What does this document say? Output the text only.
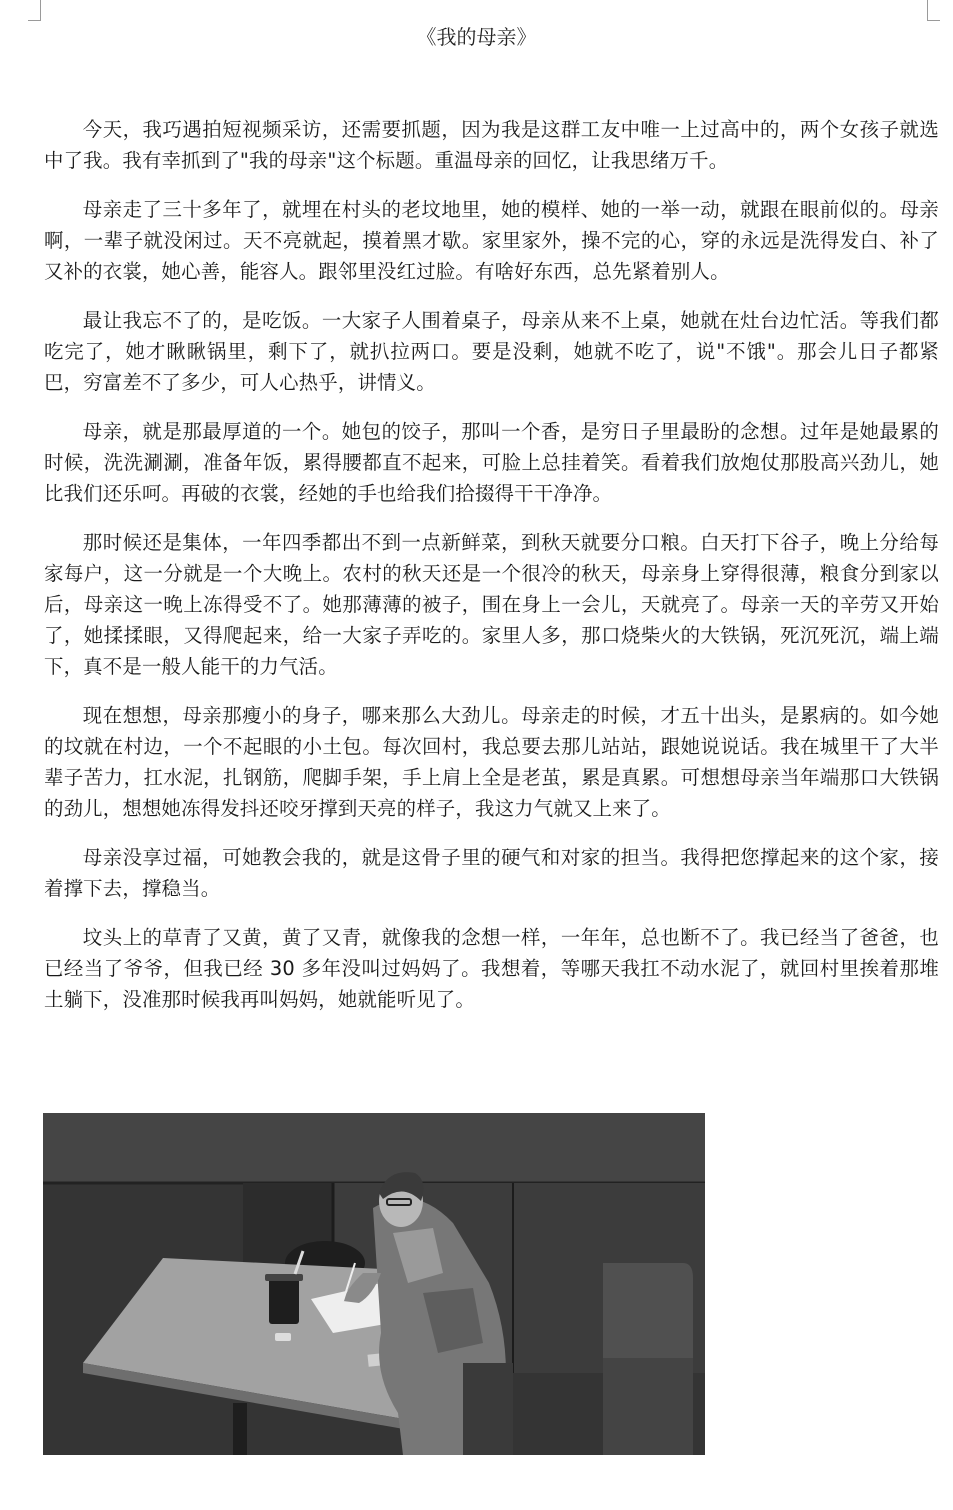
《我的母亲》

今天，我巧遇拍短视频采访，还需要抓题，因为我是这群工友中唯一上过高中的，两个女孩子就选中了我。我有幸抓到了"我的母亲"这个标题。重温母亲的回忆，让我思绪万千。

母亲走了三十多年了，就埋在村头的老坟地里，她的模样、她的一举一动，就跟在眼前似的。母亲啊，一辈子就没闲过。天不亮就起，摸着黑才歇。家里家外，操不完的心，穿的永远是洗得发白、补了又补的衣裳，她心善，能容人。跟邻里没红过脸。有啥好东西，总先紧着别人。

最让我忘不了的，是吃饭。一大家子人围着桌子，母亲从来不上桌，她就在灶台边忙活。等我们都吃完了，她才瞅瞅锅里，剩下了，就扒拉两口。要是没剩，她就不吃了，说"不饿"。那会儿日子都紧巴，穷富差不了多少，可人心热乎，讲情义。

母亲，就是那最厚道的一个。她包的饺子，那叫一个香，是穷日子里最盼的念想。过年是她最累的时候，洗洗涮涮，准备年饭，累得腰都直不起来，可脸上总挂着笑。看着我们放炮仗那股高兴劲儿，她比我们还乐呵。再破的衣裳，经她的手也给我们拾掇得干干净净。

那时候还是集体，一年四季都出不到一点新鲜菜，到秋天就要分口粮。白天打下谷子，晚上分给每家每户，这一分就是一个大晚上。农村的秋天还是一个很冷的秋天，母亲身上穿得很薄，粮食分到家以后，母亲这一晚上冻得受不了。她那薄薄的被子，围在身上一会儿，天就亮了。母亲一天的辛劳又开始了，她揉揉眼，又得爬起来，给一大家子弄吃的。家里人多，那口烧柴火的大铁锅，死沉死沉，端上端下，真不是一般人能干的力气活。

现在想想，母亲那瘦小的身子，哪来那么大劲儿。母亲走的时候，才五十出头，是累病的。如今她的坟就在村边，一个不起眼的小土包。每次回村，我总要去那儿站站，跟她说说话。我在城里干了大半辈子苦力，扛水泥，扎钢筋，爬脚手架，手上肩上全是老茧，累是真累。可想想母亲当年端那口大铁锅的劲儿，想想她冻得发抖还咬牙撑到天亮的样子，我这力气就又上来了。

母亲没享过福，可她教会我的，就是这骨子里的硬气和对家的担当。我得把您撑起来的这个家，接着撑下去，撑稳当。

坟头上的草青了又黄，黄了又青，就像我的念想一样，一年年，总也断不了。我已经当了爸爸，也已经当了爷爷，但我已经 30 多年没叫过妈妈了。我想着，等哪天我扛不动水泥了，就回村里挨着那堆土躺下，没准那时候我再叫妈妈，她就能听见了。
